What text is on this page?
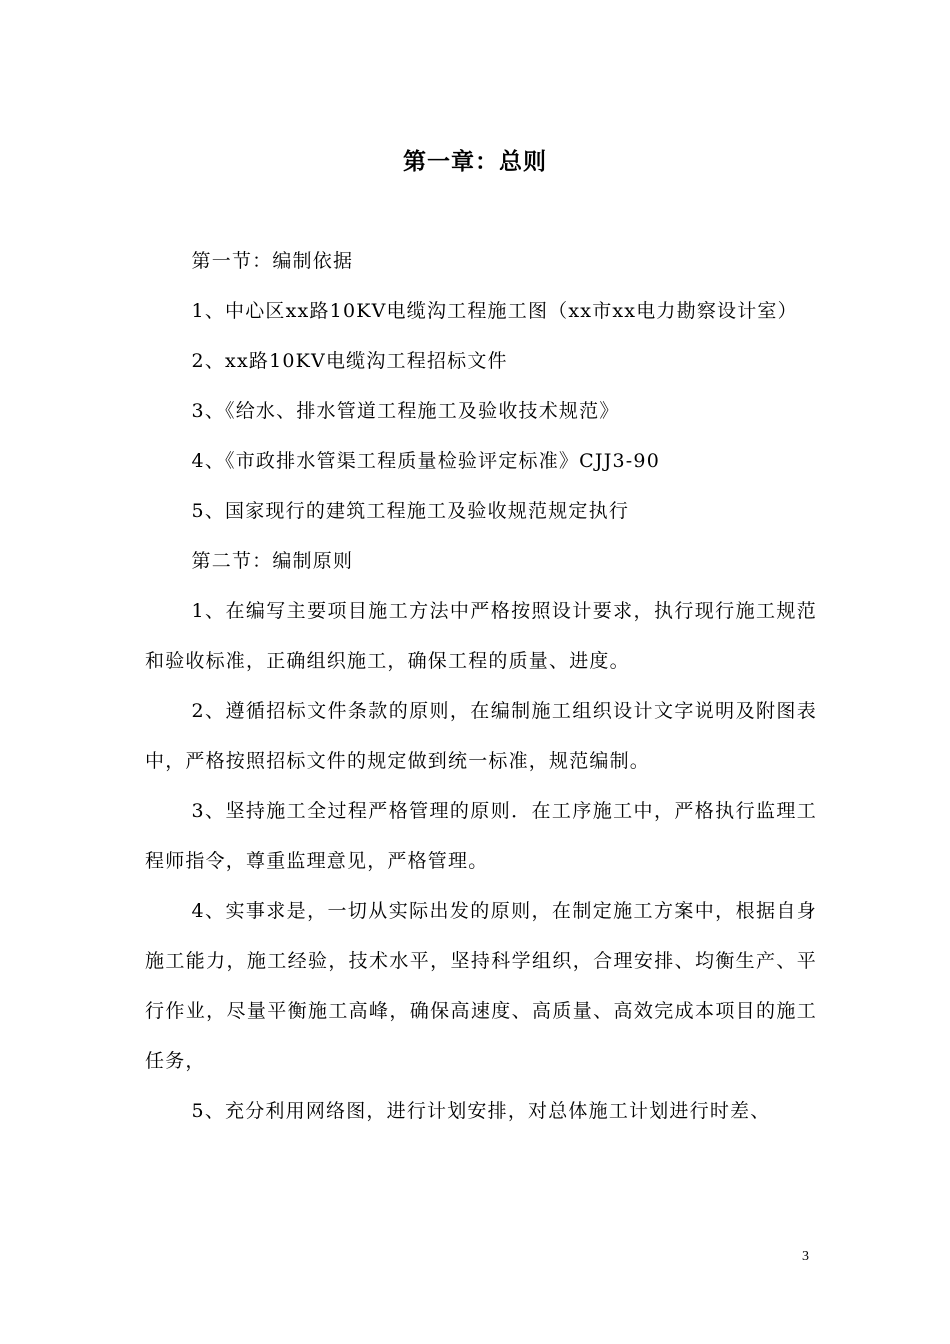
第一章：总则

第一节：编制依据

1、中心区xx路10KV电缆沟工程施工图（xx市xx电力勘察设计室）

2、xx路10KV电缆沟工程招标文件

3、《给水、排水管道工程施工及验收技术规范》

4、《市政排水管渠工程质量检验评定标准》CJJ3-90

5、国家现行的建筑工程施工及验收规范规定执行

第二节：编制原则

1、在编写主要项目施工方法中严格按照设计要求，执行现行施工规范和验收标准，正确组织施工，确保工程的质量、进度。

2、遵循招标文件条款的原则，在编制施工组织设计文字说明及附图表中，严格按照招标文件的规定做到统一标准，规范编制。

3、坚持施工全过程严格管理的原则．在工序施工中，严格执行监理工程师指令，尊重监理意见，严格管理。

4、实事求是，一切从实际出发的原则，在制定施工方案中，根据自身施工能力，施工经验，技术水平，坚持科学组织，合理安排、均衡生产、平行作业，尽量平衡施工高峰，确保高速度、高质量、高效完成本项目的施工任务，

5、充分利用网络图，进行计划安排，对总体施工计划进行时差、

3
